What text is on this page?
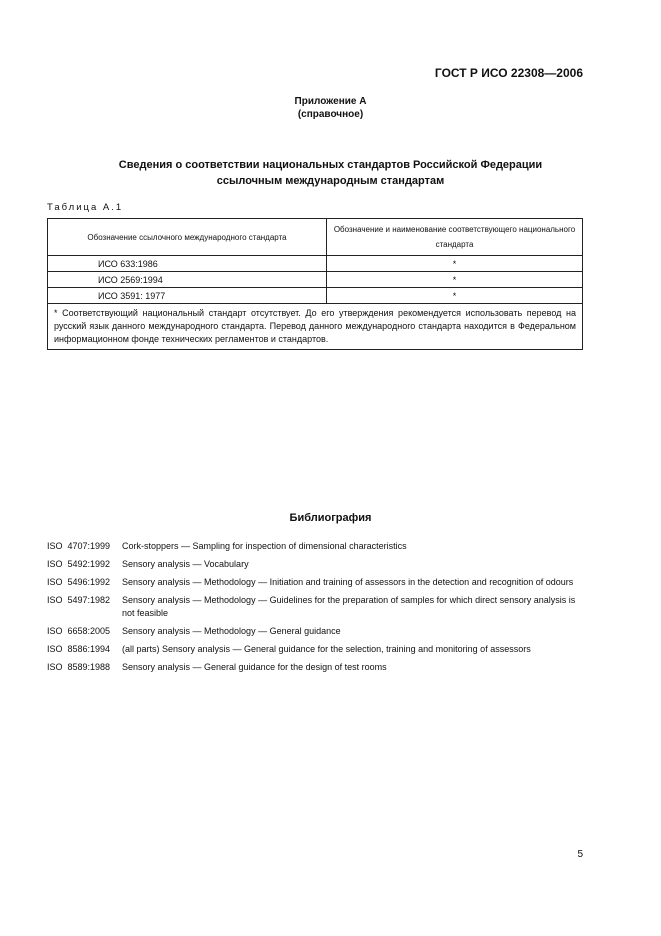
ГОСТ Р ИСО 22308—2006
Приложение А
(справочное)
Сведения о соответствии национальных стандартов Российской Федерации
ссылочным международным стандартам
Таблица А.1
Обозначение ссылочного международного стандарта	Обозначение и наименование соответствующего национального стандарта
ИСО 633:1986	*
ИСО 2569:1994	*
ИСО 3591: 1977	*
* Соответствующий национальный стандарт отсутствует. До его утверждения рекомендуется использовать перевод на русский язык данного международного стандарта. Перевод данного международного стандарта находится в Федеральном информационном фонде технических регламентов и стандартов.	
Библиография
ISO  4707:1999	Cork-stoppers — Sampling for inspection of dimensional characteristics
ISO  5492:1992	Sensory analysis — Vocabulary
ISO  5496:1992	Sensory analysis — Methodology — Initiation and training of assessors in the detection and recognition of odours
ISO  5497:1982	Sensory analysis — Methodology — Guidelines for the preparation of samples for which direct sensory analysis is not feasible
ISO  6658:2005	Sensory analysis — Methodology — General guidance
ISO  8586:1994	(all parts) Sensory analysis — General guidance for the selection, training and monitoring of assessors
ISO  8589:1988	Sensory analysis — General guidance for the design of test rooms
5
